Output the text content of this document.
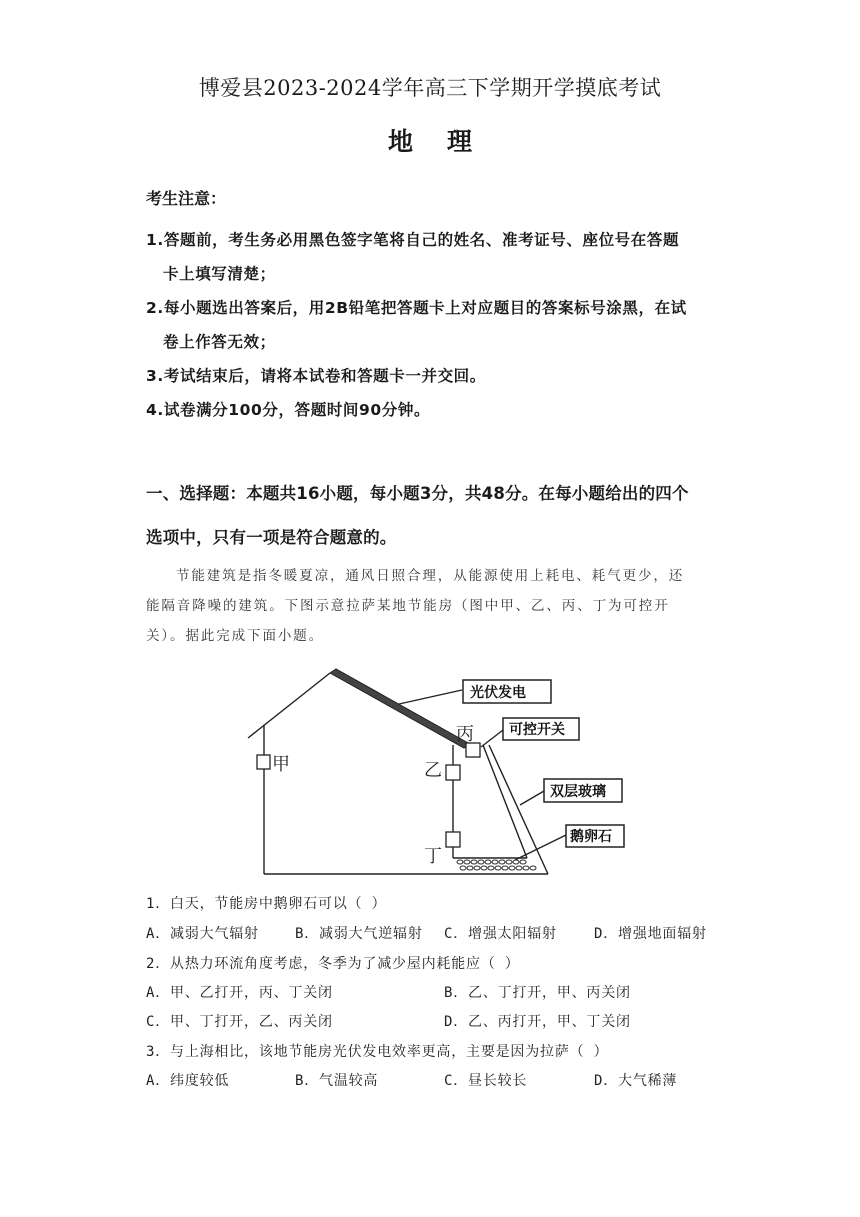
博爱县2023-2024学年高三下学期开学摸底考试
地理
考生注意：
1.答题前，考生务必用黑色签字笔将自己的姓名、准考证号、座位号在答题
卡上填写清楚；
2.每小题选出答案后，用2B铅笔把答题卡上对应题目的答案标号涂黑，在试
卷上作答无效；
3.考试结束后，请将本试卷和答题卡一并交回。
4.试卷满分100分，答题时间90分钟。
一、选择题：本题共16小题，每小题3分，共48分。在每小题给出的四个
选项中，只有一项是符合题意的。
节能建筑是指冬暖夏凉，通风日照合理，从能源使用上耗电、耗气更少，还
能隔音降噪的建筑。下图示意拉萨某地节能房（图中甲、乙、丙、丁为可控开
关）。据此完成下面小题。
甲	乙
丙
丁
光伏发电
可控开关
双层玻璃
鹅卵石
1．白天，节能房中鹅卵石可以（ ）
A．减弱大气辐射	B．减弱大气逆辐射 C．增强太阳辐射	D．增强地面辐射
2．从热力环流角度考虑，冬季为了减少屋内耗能应（ ）
A．甲、乙打开，丙、丁关闭	B．乙、丁打开，甲、丙关闭
C．甲、丁打开，乙、丙关闭	D．乙、丙打开，甲、丁关闭
3．与上海相比，该地节能房光伏发电效率更高，主要是因为拉萨（ ）
A．纬度较低	B．气温较高	C．昼长较长	D．大气稀薄
